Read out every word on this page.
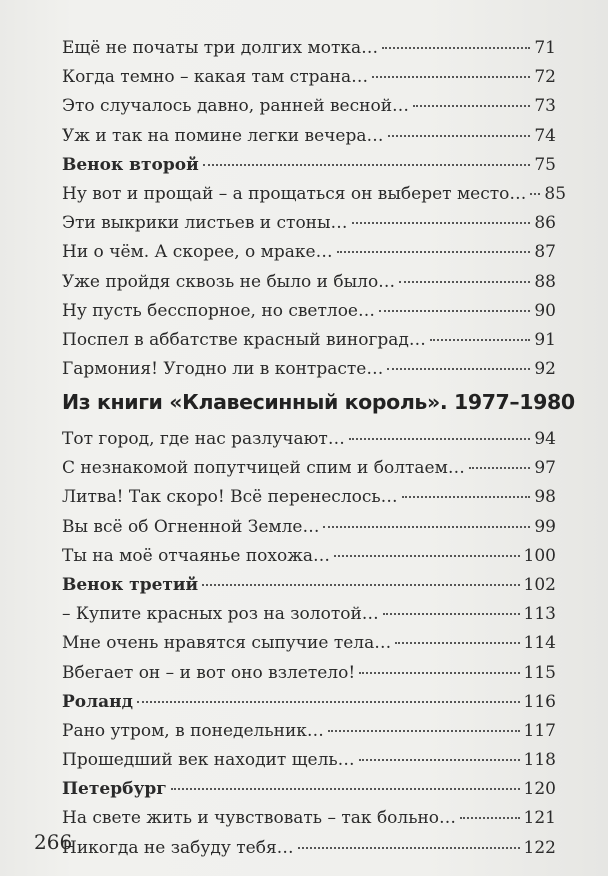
Ещё не початы три долгих мотка…	71
Когда темно – какая там страна…	72
Это случалось давно, ранней весной…	73
Уж и так на помине легки вечера…	74
Венок второй	75
Ну вот и прощай – а прощаться он выберет место… 85
Эти выкрики листьев и стоны…	86
Ни о чём. А скорее, о мраке…	87
Уже пройдя сквозь не было и было…	88
Ну пусть бесспорное, но светлое…	90
Поспел в аббатстве красный виноград…	91
Гармония! Угодно ли в контрасте…	92
Из книги «Клавесинный король». 1977–1980
Тот город, где нас разлучают…	94
С незнакомой попутчицей спим и болтаем…	97
Литва! Так скоро! Всё перенеслось…	98
Вы всё об Огненной Земле…	99
Ты на моё отчаянье похожа…	100
Венок третий	102
– Купите красных роз на золотой…	113
Мне очень нравятся сыпучие тела…	114
Вбегает он – и вот оно взлетело!	115
Роланд	116
Рано утром, в понедельник…	117
Прошедший век находит щель…	118
Петербург	120
На свете жить и чувствовать – так больно…	121
Никогда не забуду тебя…	122
266
